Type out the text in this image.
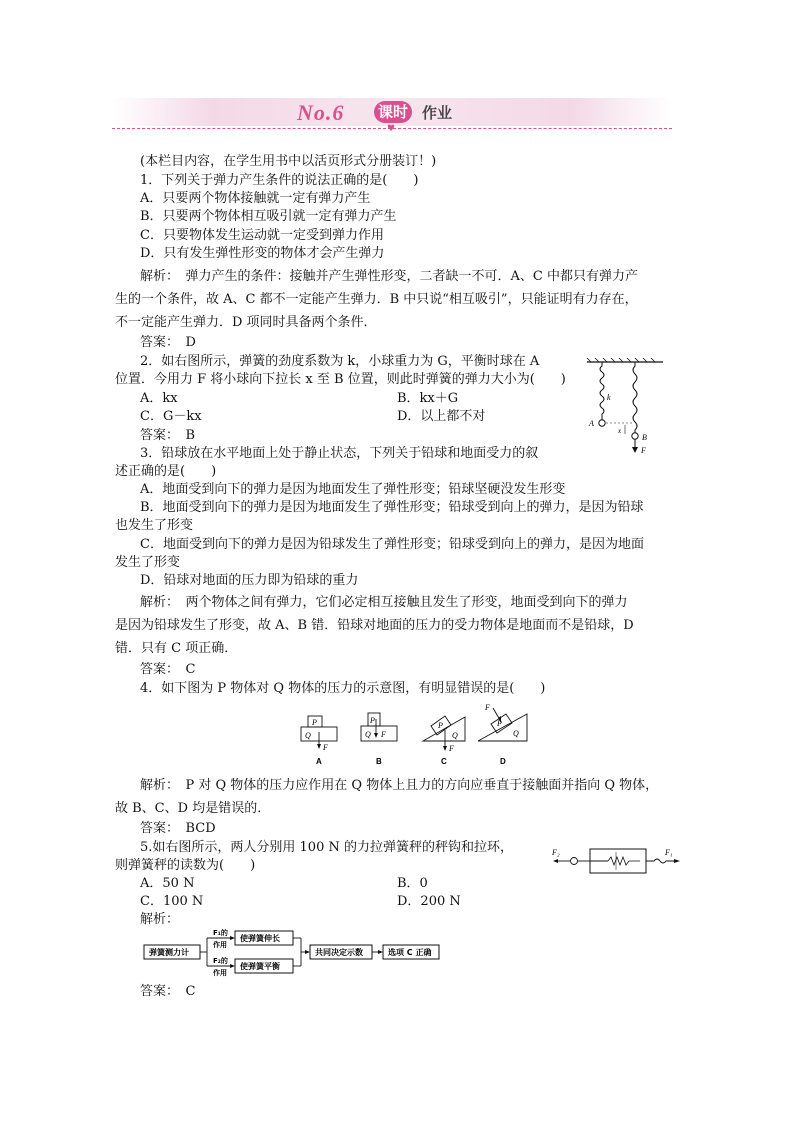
No.6 课时 作业
♥
(本栏目内容，在学生用书中以活页形式分册装订！)
1．下列关于弹力产生条件的说法正确的是(　　)
A．只要两个物体接触就一定有弹力产生
B．只要两个物体相互吸引就一定有弹力产生
C．只要物体发生运动就一定受到弹力作用
D．只有发生弹性形变的物体才会产生弹力
解析：　弹力产生的条件：接触并产生弹性形变，二者缺一不可．A、C 中都只有弹力产
生的一个条件，故 A、C 都不一定能产生弹力．B 中只说“相互吸引”，只能证明有力存在，
不一定能产生弹力．D 项同时具备两个条件．
答案：　D
2．如右图所示，弹簧的劲度系数为 k，小球重力为 G，平衡时球在 A
位置．今用力 F 将小球向下拉长 x 至 B 位置，则此时弹簧的弹力大小为(　　)
A．kx	B．kx＋G
C．G－kx	D．以上都不对
答案：　B
k
A
B
x
F
3．铅球放在水平地面上处于静止状态，下列关于铅球和地面受力的叙
述正确的是(　　)
A．地面受到向下的弹力是因为地面发生了弹性形变；铅球坚硬没发生形变
B．地面受到向下的弹力是因为地面发生了弹性形变；铅球受到向上的弹力，是因为铅球
也发生了形变
C．地面受到向下的弹力是因为铅球发生了弹性形变；铅球受到向上的弹力，是因为地面
发生了形变
D．铅球对地面的压力即为铅球的重力
解析：　两个物体之间有弹力，它们必定相互接触且发生了形变，地面受到向下的弹力
是因为铅球发生了形变，故 A、B 错．铅球对地面的压力的受力物体是地面而不是铅球，D
错．只有 C 项正确．
答案：　C
4．如下图为 P 物体对 Q 物体的压力的示意图，有明显错误的是(　　)
P
Q
F
P
Q F
P
Q
F
F
P
Q
A	B	C	D
解析：　P 对 Q 物体的压力应作用在 Q 物体上且力的方向应垂直于接触面并指向 Q 物体，
故 B、C、D 均是错误的．
答案：　BCD
5.如右图所示，两人分别用 100 N 的力拉弹簧秤的秤钩和拉环，
则弹簧秤的读数为(　　)
A．50 N	B．0
C．100 N	D．200 N
解析：
F₂	F₁
弹簧测力计
F₁的
作用
F₂的
作用
使弹簧伸长
使弹簧平衡
共同决定示数	选项 C 正确
答案：　C
